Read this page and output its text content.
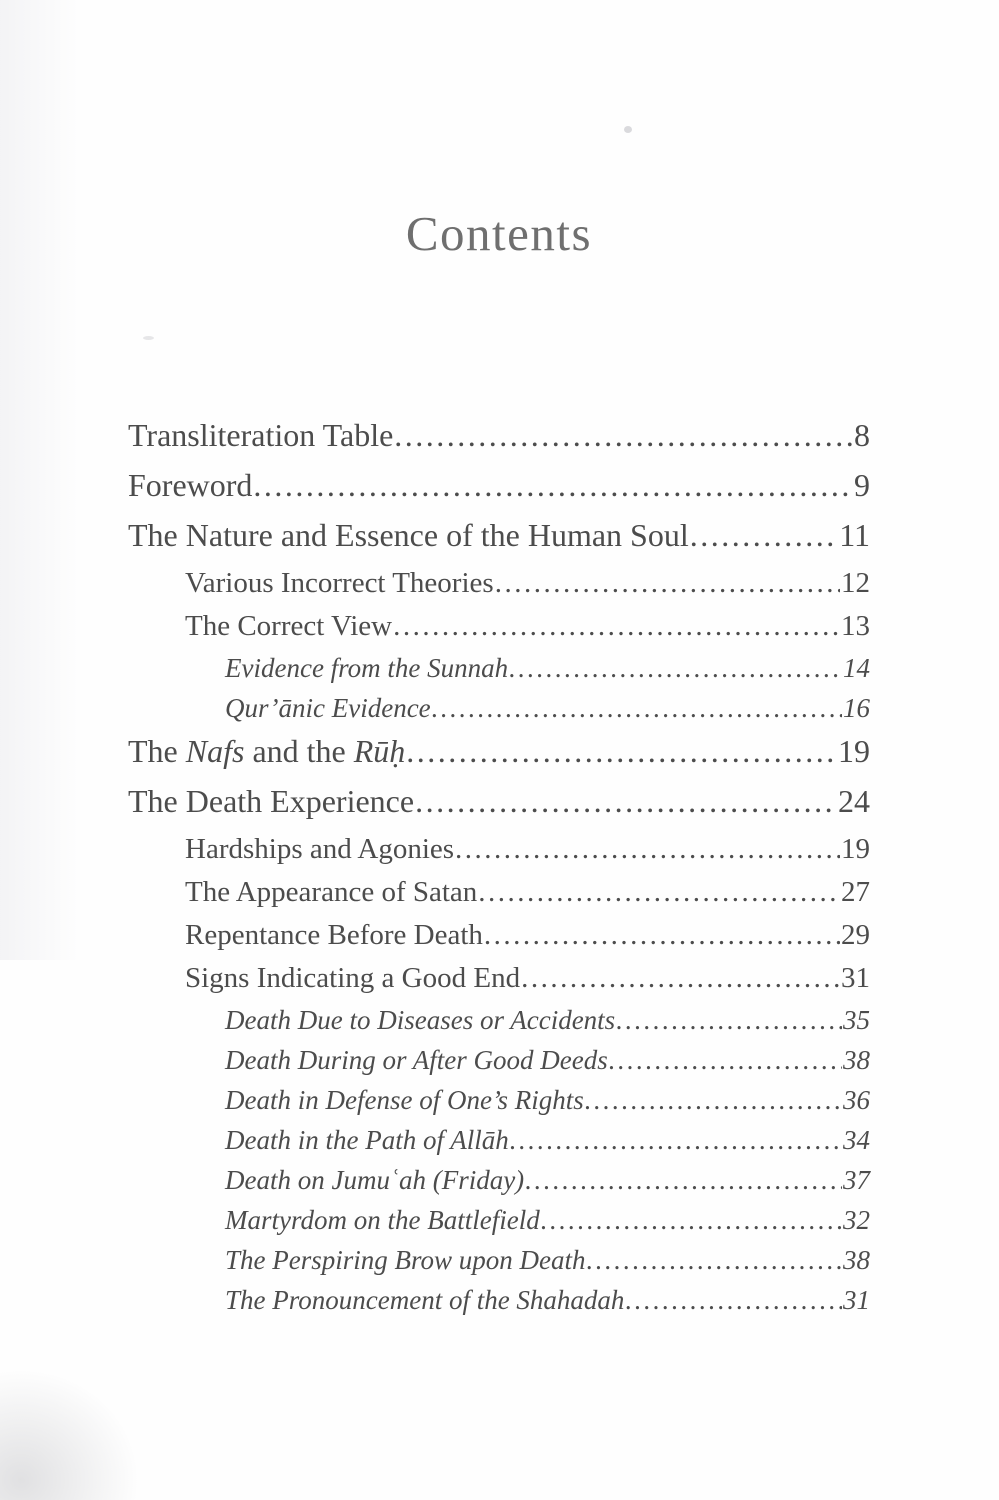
Contents
Transliteration Table .....	8
Foreword .....	9
The Nature and Essence of the Human Soul .....	11
Various Incorrect Theories .....	12
The Correct View .....	13
Evidence from the Sunnah .....	14
Qur’ānic Evidence .....	16
The Nafs and the Rūḥ .....	19
The Death Experience .....	24
Hardships and Agonies .....	19
The Appearance of Satan .....	27
Repentance Before Death .....	29
Signs Indicating a Good End .....	31
Death Due to Diseases or Accidents .....	35
Death During or After Good Deeds .....	38
Death in Defense of One’s Rights .....	36
Death in the Path of Allāh .....	34
Death on Jumuʿah (Friday) .....	37
Martyrdom on the Battlefield .....	32
The Perspiring Brow upon Death .....	38
The Pronouncement of the Shahadah .....	31
